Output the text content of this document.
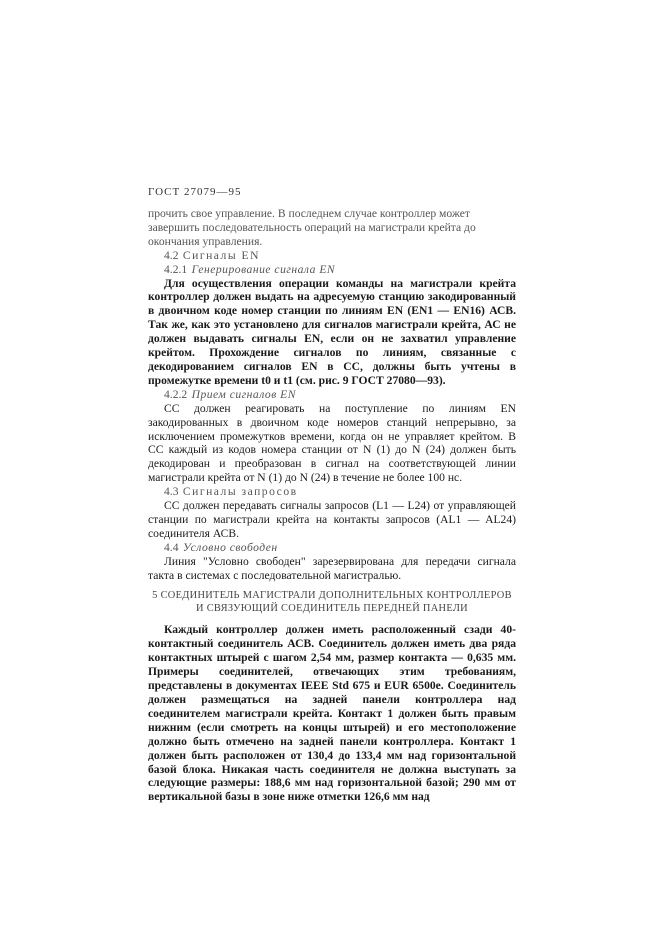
ГОСТ 27079—95

прочить свое управление. В последнем случае контроллер может

завершить последовательность операций на магистрали крейта до

окончания управления.

4.2 Сигналы EN

4.2.1 Генерирование сигнала EN

Для осуществления операции команды на магистрали крейта контроллер должен выдать на адресуемую станцию закодированный в двоичном коде номер станции по линиям EN (EN1 — EN16) АСВ. Так же, как это установлено для сигналов магистрали крейта, АС не должен выдавать сигналы EN, если он не захватил управление крейтом. Прохождение сигналов по линиям, связанные с декодированием сигналов EN в СС, должны быть учтены в промежутке времени t0 и t1 (см. рис. 9 ГОСТ 27080—93).

4.2.2 Прием сигналов EN

СС должен реагировать на поступление по линиям EN закодированных в двоичном коде номеров станций непрерывно, за исключением промежутков времени, когда он не управляет крейтом. В СС каждый из кодов номера станции от N (1) до N (24) должен быть декодирован и преобразован в сигнал на соответствующей линии магистрали крейта от N (1) до N (24) в течение не более 100 нс.

4.3 Сигналы запросов

СС должен передавать сигналы запросов (L1 — L24) от управляющей станции по магистрали крейта на контакты запросов (AL1 — AL24) соединителя АСВ.

4.4 Условно свободен

Линия "Условно свободен" зарезервирована для передачи сигнала такта в системах с последовательной магистралью.

5 СОЕДИНИТЕЛЬ МАГИСТРАЛИ ДОПОЛНИТЕЛЬНЫХ КОНТРОЛЛЕРОВ
И СВЯЗУЮЩИЙ СОЕДИНИТЕЛЬ ПЕРЕДНЕЙ ПАНЕЛИ

Каждый контроллер должен иметь расположенный сзади 40-контактный соединитель АСВ. Соединитель должен иметь два ряда контактных штырей с шагом 2,54 мм, размер контакта — 0,635 мм. Примеры соединителей, отвечающих этим требованиям, представлены в документах IEEE Std 675 и EUR 6500e. Соединитель должен размещаться на задней панели контроллера над соединителем магистрали крейта. Контакт 1 должен быть правым нижним (если смотреть на концы штырей) и его местоположение должно быть отмечено на задней панели контроллера. Контакт 1 должен быть расположен от 130,4 до 133,4 мм над горизонтальной базой блока. Никакая часть соединителя не должна выступать за следующие размеры: 188,6 мм над горизонтальной базой; 290 мм от вертикальной базы в зоне ниже отметки 126,6 мм над
